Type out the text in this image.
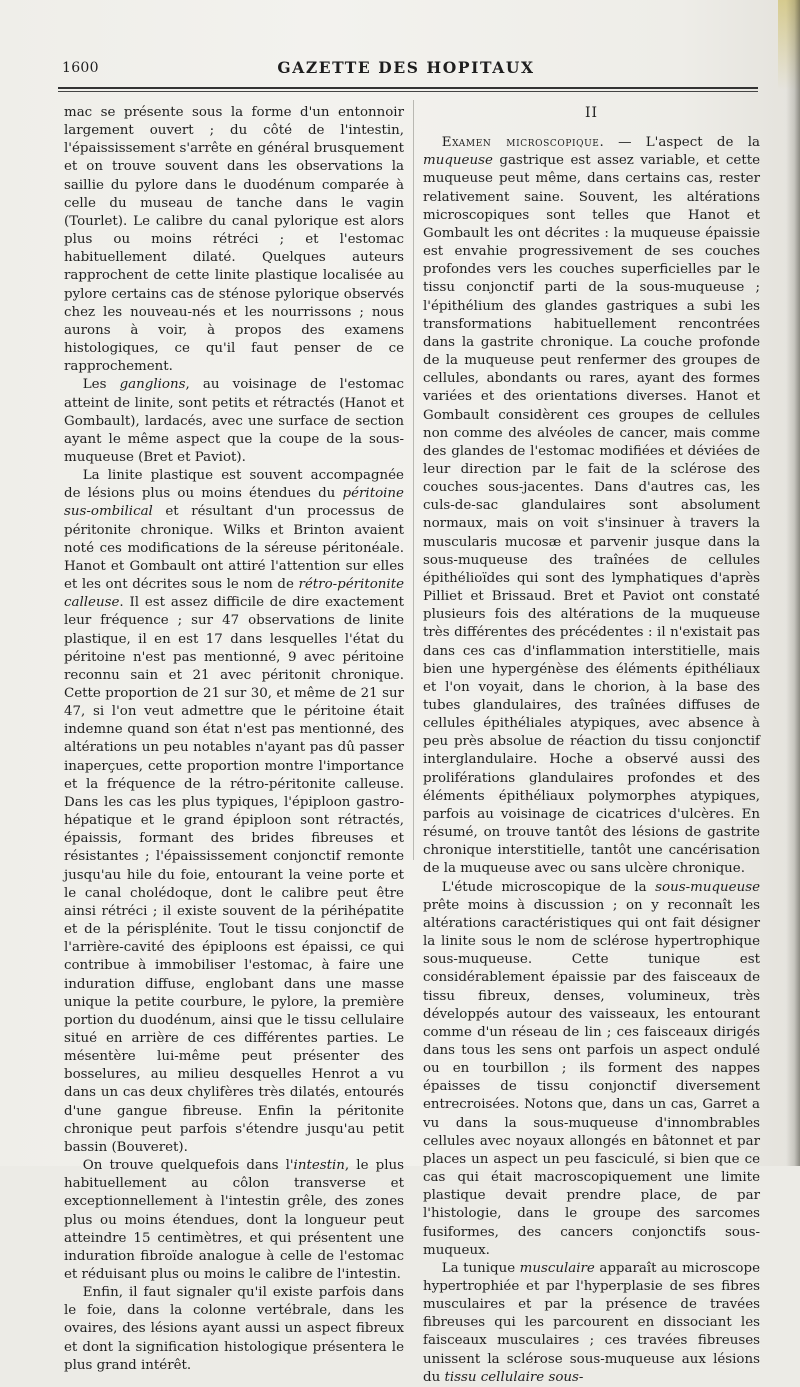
1600	GAZETTE DES HOPITAUX

mac se présente sous la forme d'un entonnoir largement ouvert ; du côté de l'intestin, l'épaississement s'arrête en général brusquement et on trouve souvent dans les observations la saillie du pylore dans le duodénum comparée à celle du museau de tanche dans le vagin (Tourlet). Le calibre du canal pylorique est alors plus ou moins rétréci ; et l'estomac habituellement dilaté. Quelques auteurs rapprochent de cette linite plastique localisée au pylore certains cas de sténose pylorique observés chez les nouveau-nés et les nourrissons ; nous aurons à voir, à propos des examens histologiques, ce qu'il faut penser de ce rapprochement.

Les ganglions, au voisinage de l'estomac atteint de linite, sont petits et rétractés (Hanot et Gombault), lardacés, avec une surface de section ayant le même aspect que la coupe de la sous-muqueuse (Bret et Paviot).

La linite plastique est souvent accompagnée de lésions plus ou moins étendues du péritoine sus-ombilical et résultant d'un processus de péritonite chronique. Wilks et Brinton avaient noté ces modifications de la séreuse péritonéale. Hanot et Gombault ont attiré l'attention sur elles et les ont décrites sous le nom de rétro-péritonite calleuse. Il est assez difficile de dire exactement leur fréquence ; sur 47 observations de linite plastique, il en est 17 dans lesquelles l'état du péritoine n'est pas mentionné, 9 avec péritoine reconnu sain et 21 avec péritonit chronique. Cette proportion de 21 sur 30, et même de 21 sur 47, si l'on veut admettre que le péritoine était indemne quand son état n'est pas mentionné, des altérations un peu notables n'ayant pas dû passer inaperçues, cette proportion montre l'importance et la fréquence de la rétro-péritonite calleuse. Dans les cas les plus typiques, l'épiploon gastro-hépatique et le grand épiploon sont rétractés, épaissis, formant des brides fibreuses et résistantes ; l'épaississement conjonctif remonte jusqu'au hile du foie, entourant la veine porte et le canal cholédoque, dont le calibre peut être ainsi rétréci ; il existe souvent de la périhépatite et de la périsplénite. Tout le tissu conjonctif de l'arrière-cavité des épiploons est épaissi, ce qui contribue à immobiliser l'estomac, à faire une induration diffuse, englobant dans une masse unique la petite courbure, le pylore, la première portion du duodénum, ainsi que le tissu cellulaire situé en arrière de ces différentes parties. Le mésentère lui-même peut présenter des bosselures, au milieu desquelles Henrot a vu dans un cas deux chylifères très dilatés, entourés d'une gangue fibreuse. Enfin la péritonite chronique peut parfois s'étendre jusqu'au petit bassin (Bouveret).

On trouve quelquefois dans l'intestin, le plus habituellement au côlon transverse et exceptionnellement à l'intestin grêle, des zones plus ou moins étendues, dont la longueur peut atteindre 15 centimètres, et qui présentent une induration fibroïde analogue à celle de l'estomac et réduisant plus ou moins le calibre de l'intestin.

Enfin, il faut signaler qu'il existe parfois dans le foie, dans la colonne vertébrale, dans les ovaires, des lésions ayant aussi un aspect fibreux et dont la signification histologique présentera le plus grand intérêt.

II

Examen microscopique. — L'aspect de la muqueuse gastrique est assez variable, et cette muqueuse peut même, dans certains cas, rester relativement saine. Souvent, les altérations microscopiques sont telles que Hanot et Gombault les ont décrites : la muqueuse épaissie est envahie progressivement de ses couches profondes vers les couches superficielles par le tissu conjonctif parti de la sous-muqueuse ; l'épithélium des glandes gastriques a subi les transformations habituellement rencontrées dans la gastrite chronique. La couche profonde de la muqueuse peut renfermer des groupes de cellules, abondants ou rares, ayant des formes variées et des orientations diverses. Hanot et Gombault considèrent ces groupes de cellules non comme des alvéoles de cancer, mais comme des glandes de l'estomac modifiées et déviées de leur direction par le fait de la sclérose des couches sous-jacentes. Dans d'autres cas, les culs-de-sac glandulaires sont absolument normaux, mais on voit s'insinuer à travers la muscularis mucosæ et parvenir jusque dans la sous-muqueuse des traînées de cellules épithélioïdes qui sont des lymphatiques d'après Pilliet et Brissaud. Bret et Paviot ont constaté plusieurs fois des altérations de la muqueuse très différentes des précédentes : il n'existait pas dans ces cas d'inflammation interstitielle, mais bien une hypergénèse des éléments épithéliaux et l'on voyait, dans le chorion, à la base des tubes glandulaires, des traînées diffuses de cellules épithéliales atypiques, avec absence à peu près absolue de réaction du tissu conjonctif interglandulaire. Hoche a observé aussi des proliférations glandulaires profondes et des éléments épithéliaux polymorphes atypiques, parfois au voisinage de cicatrices d'ulcères. En résumé, on trouve tantôt des lésions de gastrite chronique interstitielle, tantôt une cancérisation de la muqueuse avec ou sans ulcère chronique.

L'étude microscopique de la sous-muqueuse prête moins à discussion ; on y reconnaît les altérations caractéristiques qui ont fait désigner la linite sous le nom de sclérose hypertrophique sous-muqueuse. Cette tunique est considérablement épaissie par des faisceaux de tissu fibreux, denses, volumineux, très développés autour des vaisseaux, les entourant comme d'un réseau de lin ; ces faisceaux dirigés dans tous les sens ont parfois un aspect ondulé ou en tourbillon ; ils forment des nappes épaisses de tissu conjonctif diversement entrecroisées. Notons que, dans un cas, Garret a vu dans la sous-muqueuse d'innombrables cellules avec noyaux allongés en bâtonnet et par places un aspect un peu fasciculé, si bien que ce cas qui était macroscopiquement une limite plastique devait prendre place, de par l'histologie, dans le groupe des sarcomes fusiformes, des cancers conjonctifs sous-muqueux.

La tunique musculaire apparaît au microscope hypertrophiée et par l'hyperplasie de ses fibres musculaires et par la présence de travées fibreuses qui les parcourent en dissociant les faisceaux musculaires ; ces travées fibreuses unissent la sclérose sous-muqueuse aux lésions du tissu cellulaire sous-
